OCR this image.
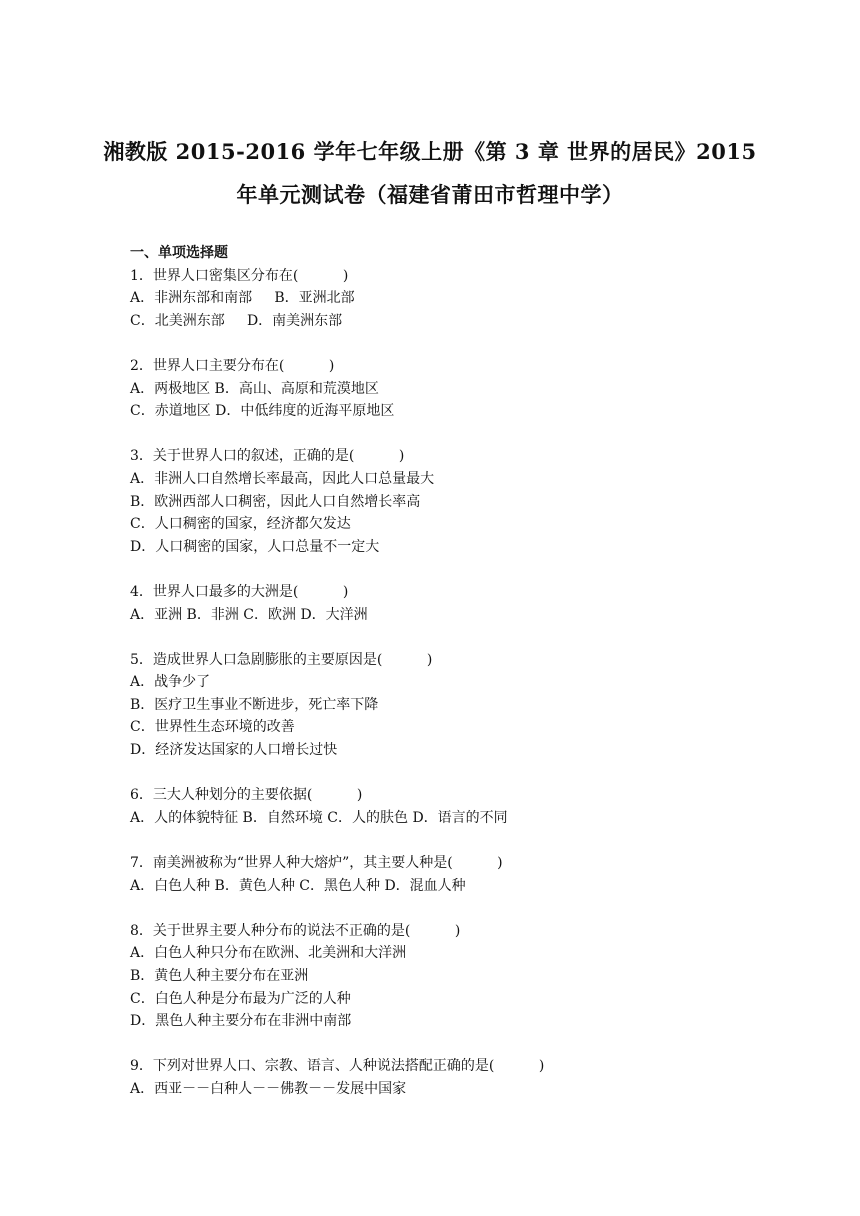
湘教版 2015-2016 学年七年级上册《第 3 章 世界的居民》2015
年单元测试卷（福建省莆田市哲理中学）
一、单项选择题
1．世界人口密集区分布在(          )
A．非洲东部和南部     B．亚洲北部
C．北美洲东部     D．南美洲东部
2．世界人口主要分布在(          )
A．两极地区 B．高山、高原和荒漠地区
C．赤道地区 D．中低纬度的近海平原地区
3．关于世界人口的叙述，正确的是(          )
A．非洲人口自然增长率最高，因此人口总量最大
B．欧洲西部人口稠密，因此人口自然增长率高
C．人口稠密的国家，经济都欠发达
D．人口稠密的国家，人口总量不一定大
4．世界人口最多的大洲是(          )
A．亚洲 B．非洲 C．欧洲 D．大洋洲
5．造成世界人口急剧膨胀的主要原因是(          )
A．战争少了
B．医疗卫生事业不断进步，死亡率下降
C．世界性生态环境的改善
D．经济发达国家的人口增长过快
6．三大人种划分的主要依据(          )
A．人的体貌特征 B．自然环境 C．人的肤色 D．语言的不同
7．南美洲被称为“世界人种大熔炉”，其主要人种是(          )
A．白色人种 B．黄色人种 C．黑色人种 D．混血人种
8．关于世界主要人种分布的说法不正确的是(          )
A．白色人种只分布在欧洲、北美洲和大洋洲
B．黄色人种主要分布在亚洲
C．白色人种是分布最为广泛的人种
D．黑色人种主要分布在非洲中南部
9．下列对世界人口、宗教、语言、人种说法搭配正确的是(          )
A．西亚－－白种人－－佛教－－发展中国家
